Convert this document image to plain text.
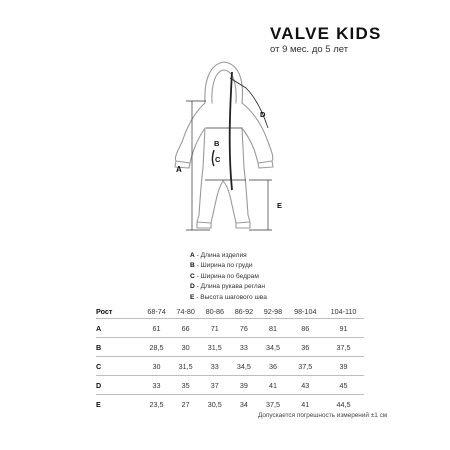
VALVE KIDS
от 9 мес. до 5 лет
A
B
C
D
E
A - Длина изделия
B - Ширина по груди
C - Ширина по бедрам
D - Длина рукава реглан
E - Высота шагового шва
Рост	68-74	74-80	80-86	86-92	92-98	98-104	104-110
A	61	66	71	76	81	86	91
B	28,5	30	31,5	33	34,5	36	37,5
C	30	31,5	33	34,5	36	37,5	39
D	33	35	37	39	41	43	45
E	23,5	27	30,5	34	37,5	41	44,5
Допускается погрешность измерений ±1 см
